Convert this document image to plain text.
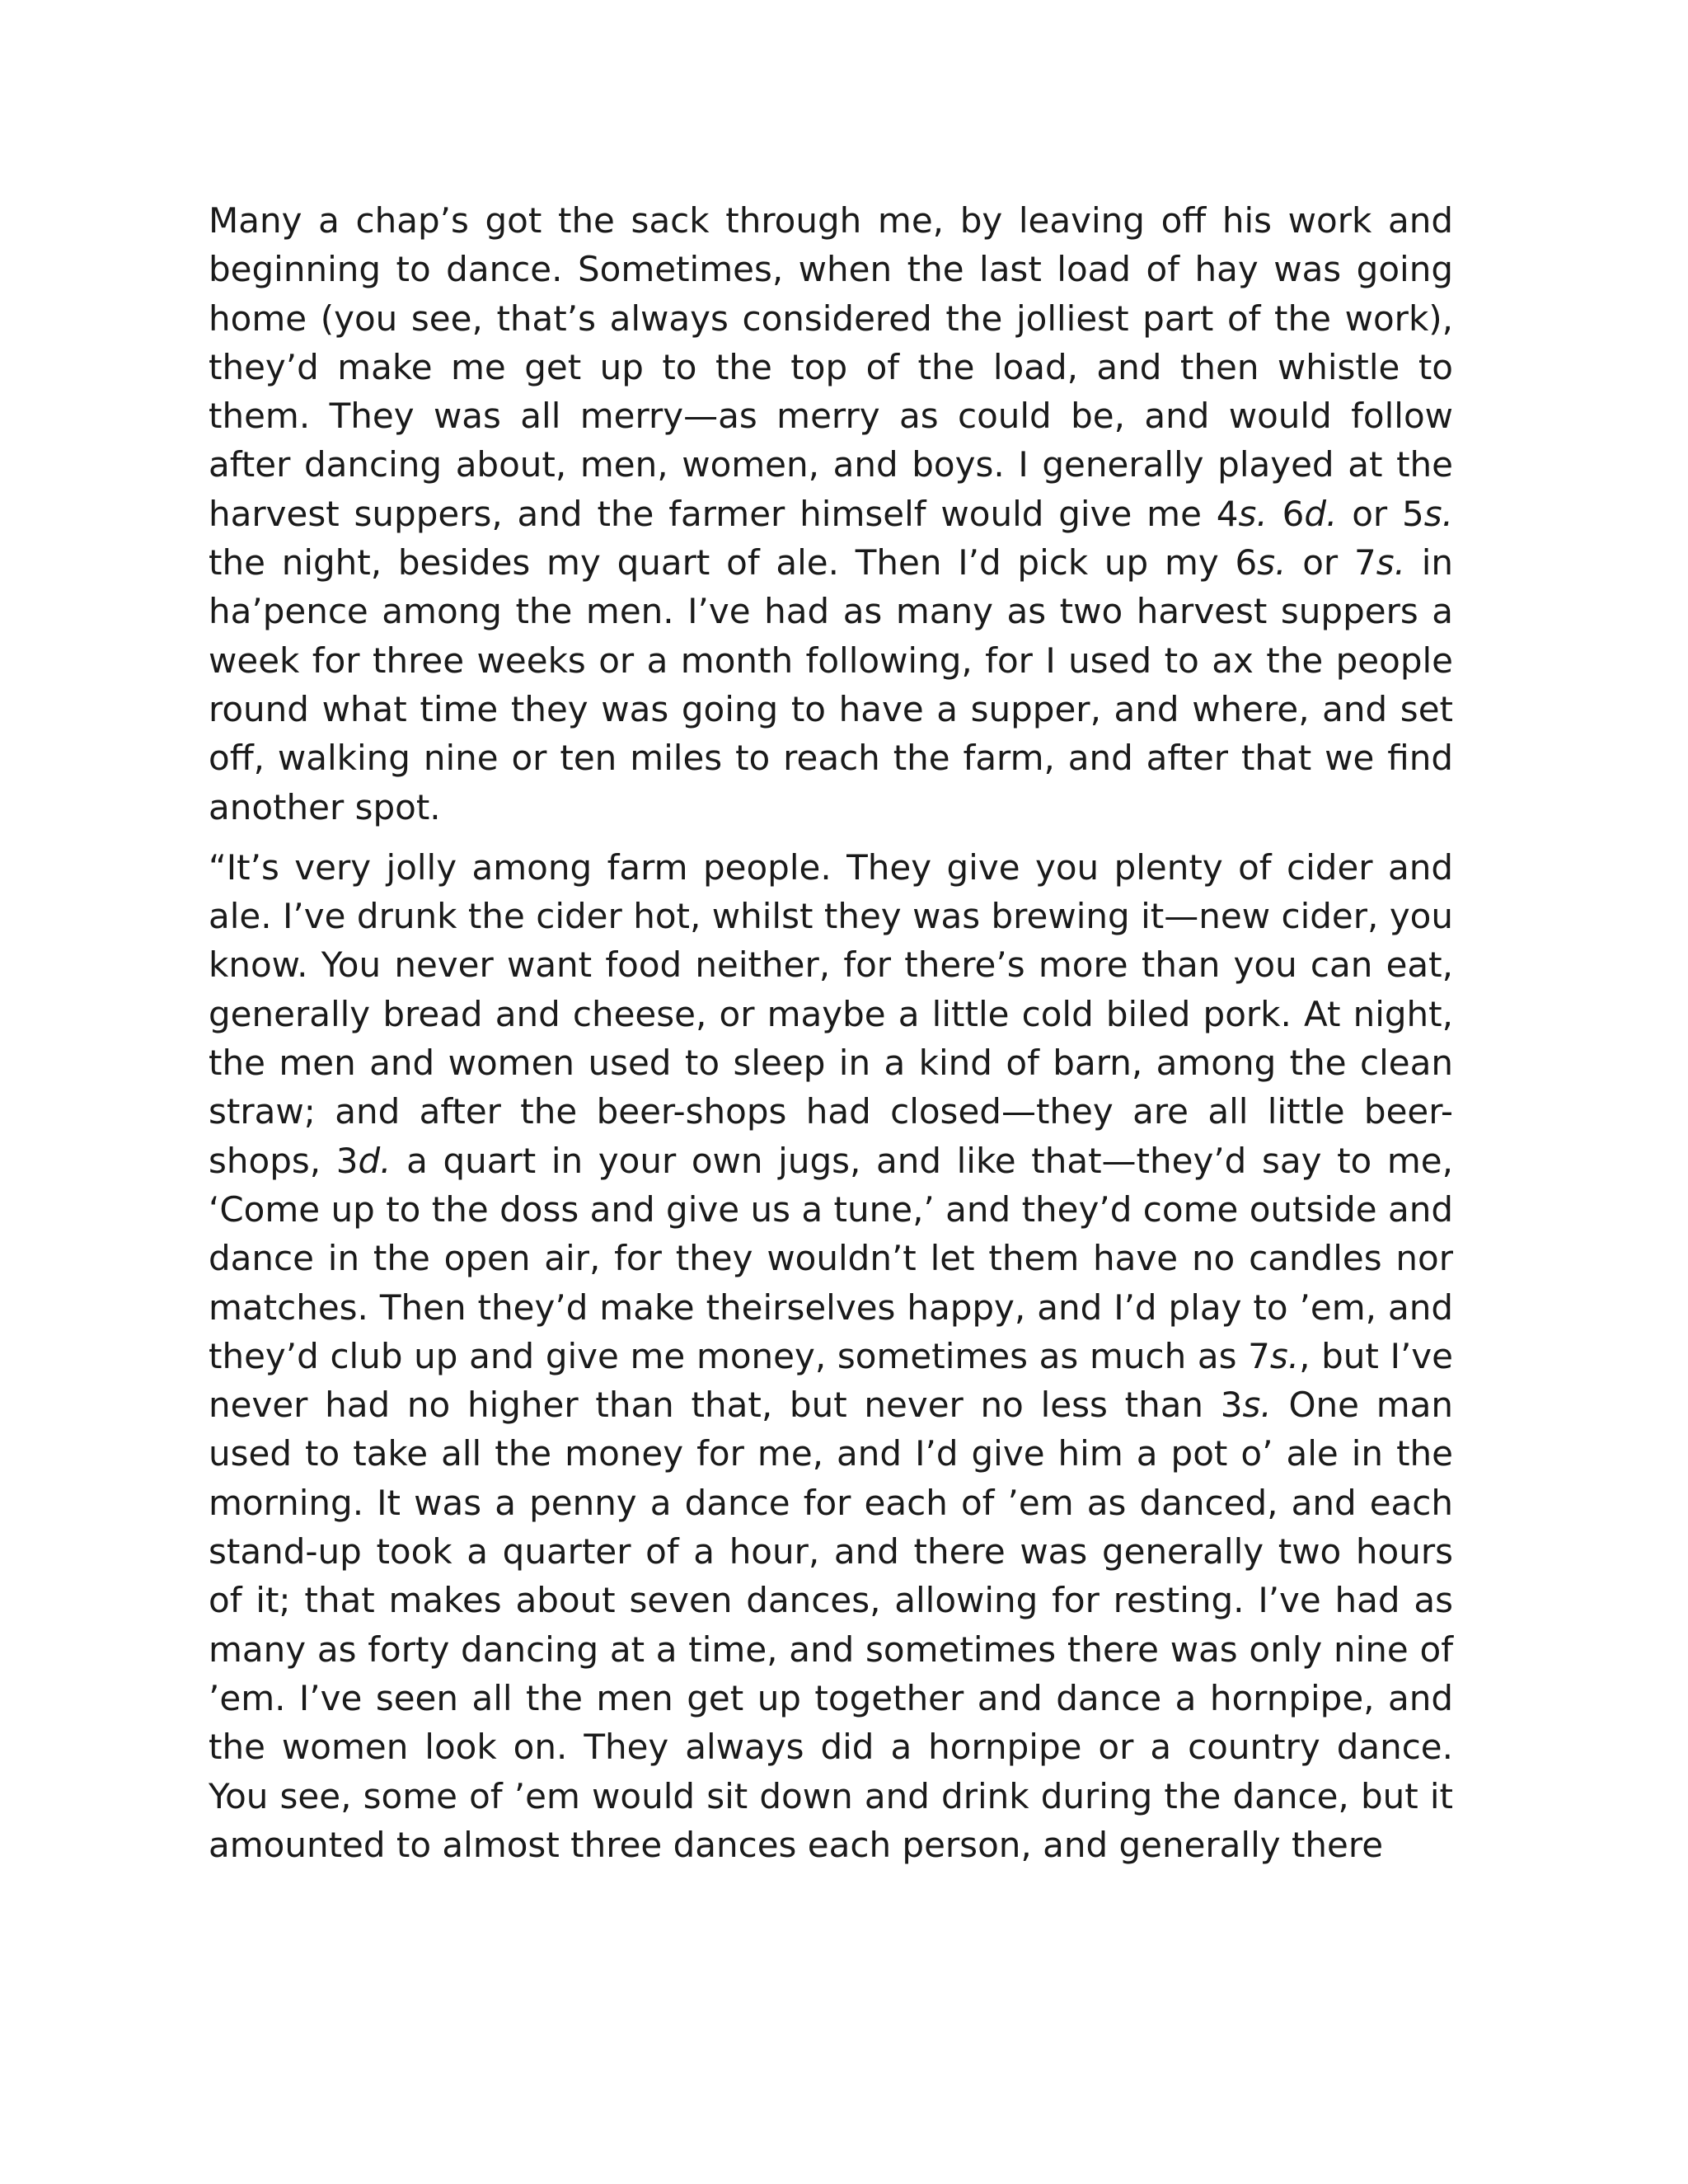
Many a chap’s got the sack through me, by leaving off his work and beginning to dance. Sometimes, when the last load of hay was going home (you see, that’s always considered the jolliest part of the work), they’d make me get up to the top of the load, and then whistle to them. They was all merry—as merry as could be, and would follow after dancing about, men, women, and boys. I generally played at the harvest suppers, and the farmer himself would give me 4s. 6d. or 5s. the night, besides my quart of ale. Then I’d pick up my 6s. or 7s. in ha’pence among the men. I’ve had as many as two harvest suppers a week for three weeks or a month following, for I used to ax the people round what time they was going to have a supper, and where, and set off, walking nine or ten miles to reach the farm, and after that we find another spot.

“It’s very jolly among farm people. They give you plenty of cider and ale. I’ve drunk the cider hot, whilst they was brewing it—new cider, you know. You never want food neither, for there’s more than you can eat, generally bread and cheese, or maybe a little cold biled pork. At night, the men and women used to sleep in a kind of barn, among the clean straw; and after the beer-shops had closed—they are all little beer-shops, 3d. a quart in your own jugs, and like that—they’d say to me, ‘Come up to the doss and give us a tune,’ and they’d come outside and dance in the open air, for they wouldn’t let them have no candles nor matches. Then they’d make theirselves happy, and I’d play to ’em, and they’d club up and give me money, sometimes as much as 7s., but I’ve never had no higher than that, but never no less than 3s. One man used to take all the money for me, and I’d give him a pot o’ ale in the morning. It was a penny a dance for each of ’em as danced, and each stand-up took a quarter of a hour, and there was generally two hours of it; that makes about seven dances, allowing for resting. I’ve had as many as forty dancing at a time, and sometimes there was only nine of ’em. I’ve seen all the men get up together and dance a hornpipe, and the women look on. They always did a hornpipe or a country dance. You see, some of ’em would sit down and drink during the dance, but it amounted to almost three dances each person, and generally there
